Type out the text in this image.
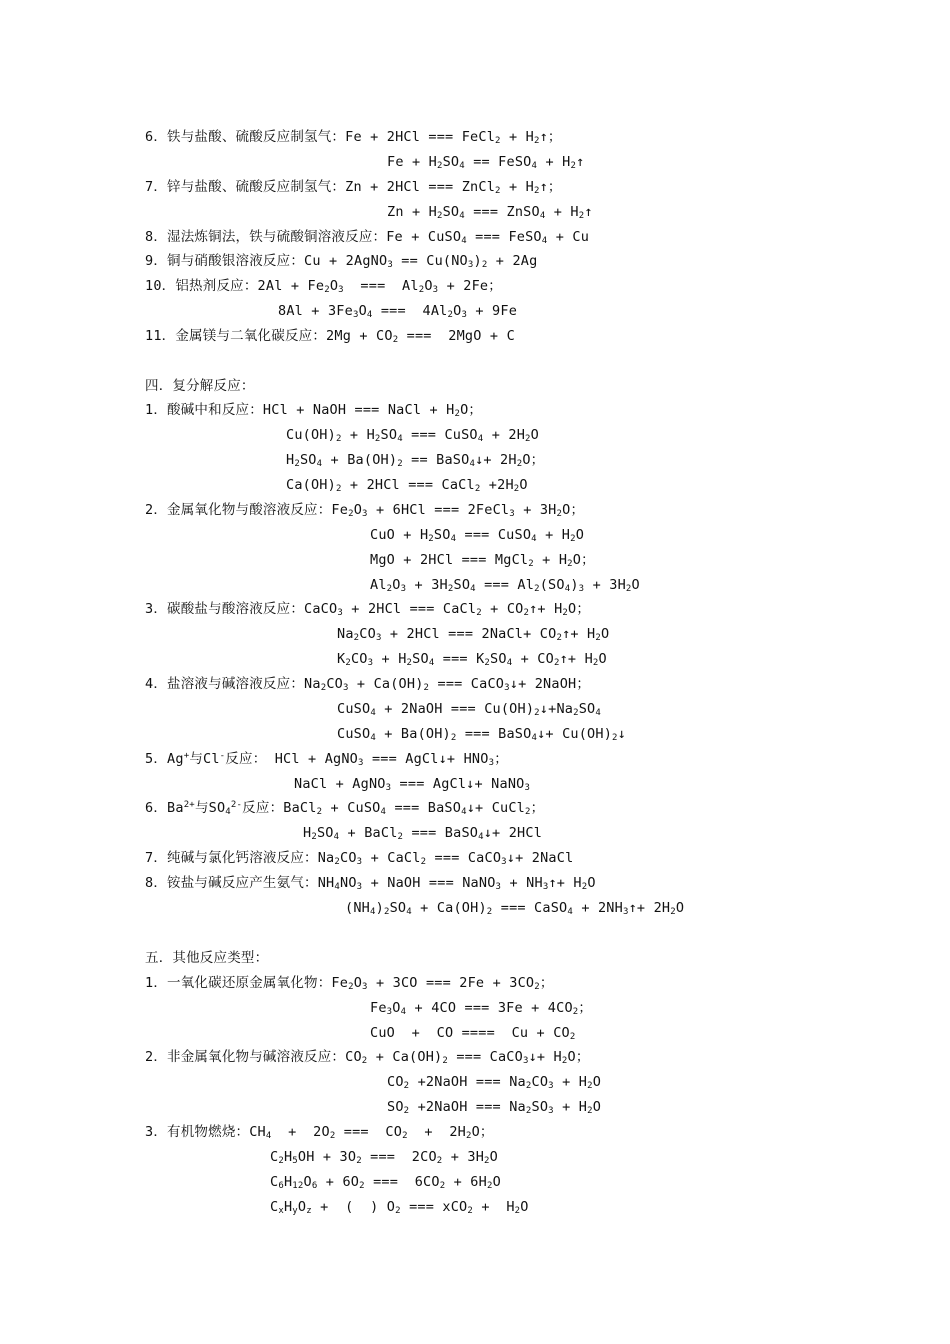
6．铁与盐酸、硫酸反应制氢气：Fe + 2HCl === FeCl$_2$ + $H_2↑$；
$Fe + H_2SO_4$ == FeSO$_4$ + $H_2↑$
7．锌与盐酸、硫酸反应制氢气：Zn + 2HCl === ZnCl$_2$ + $H_2↑$；
$Zn + H_2SO_4$ === ZnSO$_4$ + $H_2↑$
8．湿法炼铜法，铁与硫酸铜溶液反应：Fe + CuSO$_4$ === FeSO$_4$ + Cu
9．铜与硝酸银溶液反应：Cu + 2AgNO$_3$ == $Cu(NO_3)_2 + 2Ag$
10．铝热剂反应：$2Al + Fe_2O_3$  ===  $Al_2O_3 + 2Fe$；
$8Al + 3Fe_3O_4$ ===  $4Al_2O_3 + 9Fe$
11．金属镁与二氧化碳反应：$2Mg + CO_2$ ===  2MgO + C
四．复分解反应：
1．酸碱中和反应：HCl + NaOH === NaCl + $H_2O$；
$Cu(OH)_2 + H_2SO_4$ === CuSO$_4$ + $2H_2O$
$H_2SO_4 + Ba(OH)_2$ == BaSO$_4$↓+ $2H_2O$；
$Ca(OH)_2 + 2HCl$ === CaCl$_2$ $+2H_2O$
2．金属氧化物与酸溶液反应：$Fe_2O_3 + 6HCl$ === 2FeCl$_3$ + $3H_2O$；
CuO + $H_2SO_4$ === CuSO$_4$ + $H_2O$
MgO + 2HCl === MgCl$_2$ + $H_2O$；
$Al_2O_3 + 3H_2SO_4$ === $Al_2(SO_4)_3 + 3H_2O$
3．碳酸盐与酸溶液反应：CaCO$_3$ + 2HCl === CaCl$_2$ + $CO_2↑+ H_2O$；
$Na_2CO_3 + 2HCl$ === 2NaCl+ $CO_2↑+ H_2O$
$K_2CO_3 + H_2SO_4$ === $K_2SO_4$ + $CO_2↑+ H_2O$
4．盐溶液与碱溶液反应：$Na_2CO_3 + Ca(OH)_2$ === CaCO$_3$↓+ 2NaOH；
CuSO$_4$ + 2NaOH === $Cu(OH)_2↓+Na_2SO_4$
CuSO$_4$ + $Ba(OH)_2$ === BaSO$_4$↓+ $Cu(OH)_2↓$
5．Ag+与Cl-反应： HCl + AgNO$_3$ === AgCl↓+ $HNO_3$；
NaCl + AgNO$_3$ === AgCl↓+ NaNO$_3$
6．$Ba^{2+}$与$SO_4^{2-}$反应：BaCl$_2$ + CuSO$_4$ === BaSO$_4$↓+ CuCl$_2$；
$H_2SO_4$ + BaCl$_2$ === BaSO$_4$↓+ 2HCl
7．纯碱与氯化钙溶液反应：$Na_2CO_3$ + CaCl$_2$ === CaCO$_3$↓+ 2NaCl
8．铵盐与碱反应产生氨气：$NH_4NO_3$ + NaOH === NaNO$_3$ + $NH_3↑+ H_2O$
$(NH_4)_2SO_4 + Ca(OH)_2$ === CaSO$_4$ + $2NH_3↑+ 2H_2O$
五．其他反应类型：
1．一氧化碳还原金属氧化物：$Fe_2O_3 + 3CO$ === $2Fe + 3CO_2$；
$Fe_3O_4 + 4CO$ === $3Fe + 4CO_2$；
CuO  +  CO ====  $Cu + CO_2$
2．非金属氧化物与碱溶液反应：$CO_2 + Ca(OH)_2$ === CaCO$_3$↓+ $H_2O$；
$CO_2$ +2NaOH === $Na_2CO_3 + H_2O$
$SO_2$ +2NaOH === $Na_2SO_3 + H_2O$
3．有机物燃烧：$CH_4 + 2O_2$ ===  $CO_2 + 2H_2O$；
$C_2H_5OH + 3O_2$ ===  $2CO_2 + 3H_2O$
$C_6H_{12}O_6 + 6O_2$ ===  $6CO_2 + 6H_2O$
$C_xH_yO_z$ +  (  ) $O_2$ === $xCO_2 + H_2O$
